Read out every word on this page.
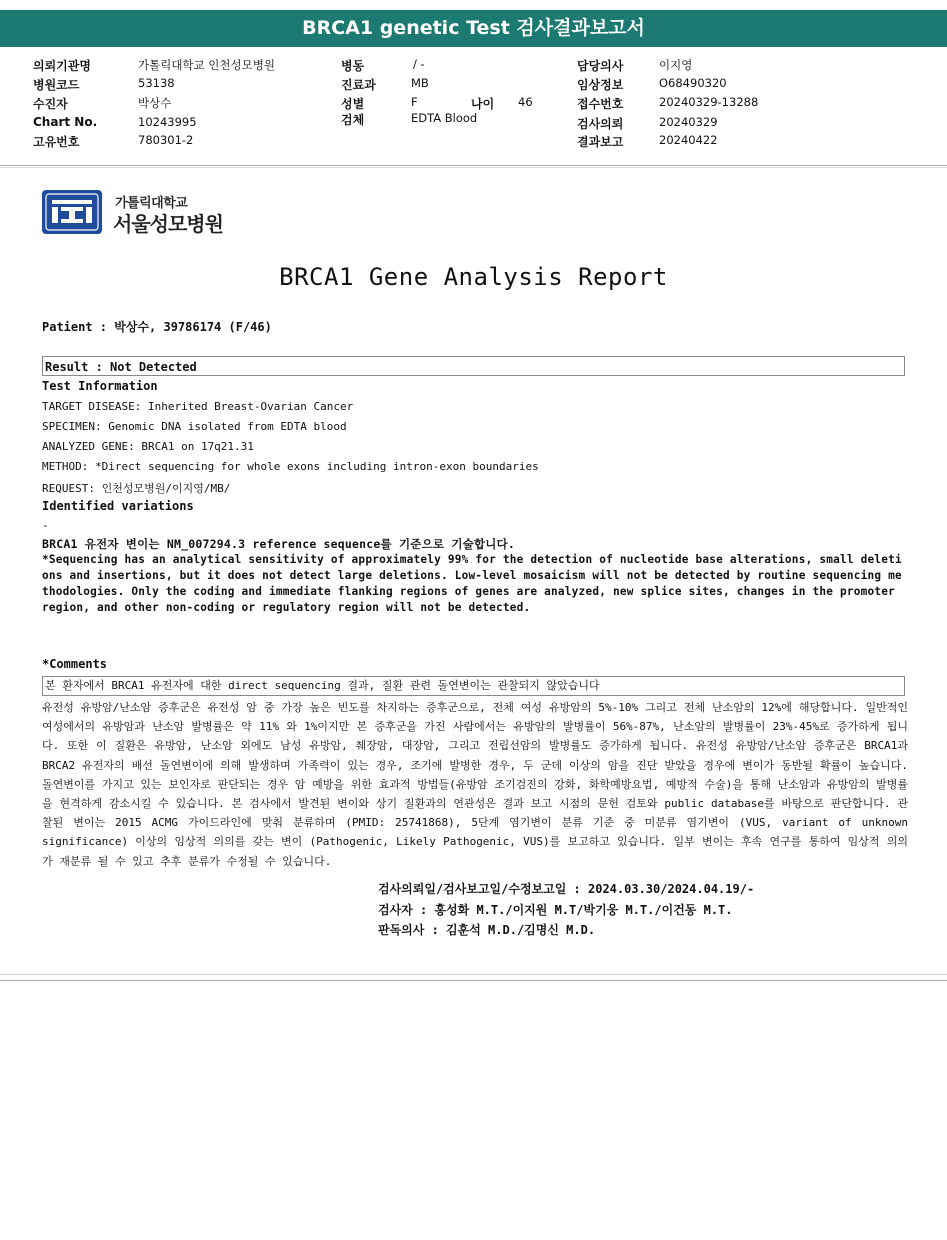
BRCA1 genetic Test 검사결과보고서
의뢰기관명	가톨릭대학교 인천성모병원	병동	/ -	담당의사	이지영
병원코드	53138	진료과	MB	임상정보	O68490320
수진자	박상수	성별	F	나이 46	접수번호	20240329-13288
Chart No.	10243995	검체	EDTA Blood	검사의뢰	20240329
고유번호	780301-2	결과보고	20240422
가톨릭대학교
서울성모병원
BRCA1 Gene Analysis Report
Patient : 박상수, 39786174 (F/46)
Result : Not Detected
Test Information
TARGET DISEASE: Inherited Breast-Ovarian Cancer
SPECIMEN: Genomic DNA isolated from EDTA blood
ANALYZED GENE: BRCA1 on 17q21.31
METHOD: *Direct sequencing for whole exons including intron-exon boundaries
REQUEST: 인천성모병원/이지영/MB/
Identified variations
-
BRCA1 유전자 변이는 NM_007294.3 reference sequence를 기준으로 기술합니다.
*Sequencing has an analytical sensitivity of approximately 99% for the detection of nucleotide base alterations, small deletions and insertions, but it does not detect large deletions. Low-level mosaicism will not be detected by routine sequencing methodologies. Only the coding and immediate flanking regions of genes are analyzed, new splice sites, changes in the promoter region, and other non-coding or regulatory region will not be detected.
*Comments
본 환자에서 BRCA1 유전자에 대한 direct sequencing 결과, 질환 관련 돌연변이는 관찰되지 않았습니다
유전성 유방암/난소암 증후군은 유전성 암 중 가장 높은 빈도를 차지하는 증후군으로, 전체 여성 유방암의 5%-10% 그리고 전체 난소암의 12%에 해당합니다. 일반적인 여성에서의 유방암과 난소암 발병률은 약 11% 와 1%이지만 본 증후군을 가진 사람에서는 유방암의 발병률이 56%-87%, 난소암의 발병률이 23%-45%로 증가하게 됩니다. 또한 이 질환은 유방암, 난소암 외에도 남성 유방암, 췌장암, 대장암, 그리고 전립선암의 발병률도 증가하게 됩니다. 유전성 유방암/난소암 증후군은 BRCA1과 BRCA2 유전자의 배선 돌연변이에 의해 발생하며 가족력이 있는 경우, 조기에 발병한 경우, 두 군데 이상의 암을 진단 받았을 경우에 변이가 동반될 확률이 높습니다. 돌연변이를 가지고 있는 보인자로 판단되는 경우 암 예방을 위한 효과적 방법들(유방암 조기검진의 강화, 화학예방요법, 예방적 수술)을 통해 난소암과 유방암의 발병률을 현격하게 감소시킬 수 있습니다. 본 검사에서 발견된 변이와 상기 질환과의 연관성은 결과 보고 시점의 문헌 검토와 public database를 바탕으로 판단합니다. 관찰된 변이는 2015 ACMG 가이드라인에 맞춰 분류하며 (PMID: 25741868), 5단계 염기변이 분류 기준 중 미분류 염기변이 (VUS, variant of unknown significance) 이상의 임상적 의의를 갖는 변이 (Pathogenic, Likely Pathogenic, VUS)를 보고하고 있습니다. 일부 변이는 후속 연구를 통하여 임상적 의의가 재분류 될 수 있고 추후 분류가 수정될 수 있습니다.
검사의뢰일/검사보고일/수정보고일 : 2024.03.30/2024.04.19/-
검사자 : 홍성화 M.T./이지원 M.T/박기웅 M.T./이건동 M.T.
판독의사 : 김훈석 M.D./김명신 M.D.
